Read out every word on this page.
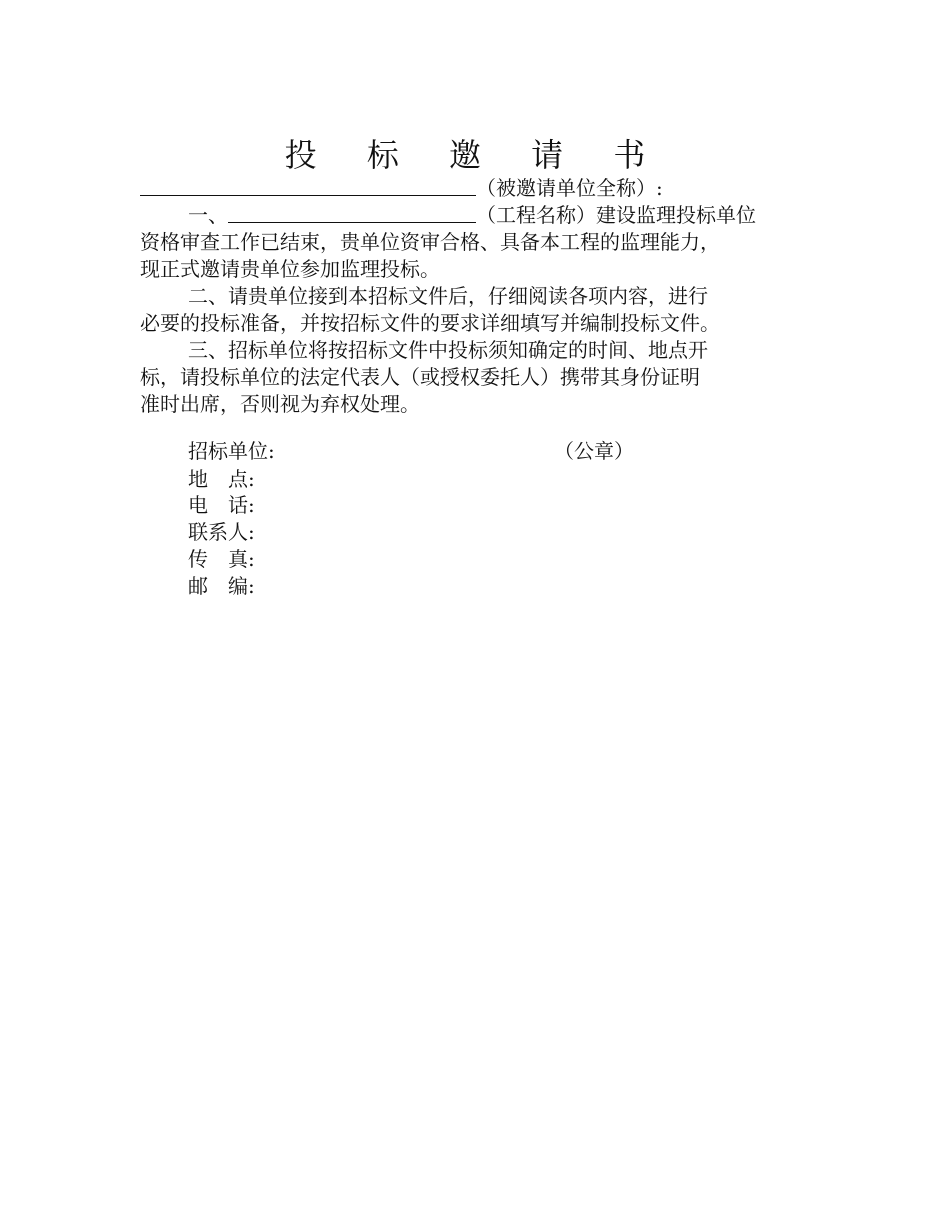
投 标 邀 请 书
（被邀请单位全称）:
一、	（工程名称）建设监理投标单位
资格审查工作已结束，贵单位资审合格、具备本工程的监理能力，
现正式邀请贵单位参加监理投标。
二、请贵单位接到本招标文件后，仔细阅读各项内容，进行
必要的投标准备，并按招标文件的要求详细填写并编制投标文件。
三、招标单位将按招标文件中投标须知确定的时间、地点开
标，请投标单位的法定代表人（或授权委托人）携带其身份证明
准时出席，否则视为弃权处理。
招标单位:	（公章）
地　点:
电　话:
联系人:
传　真:
邮　编:
